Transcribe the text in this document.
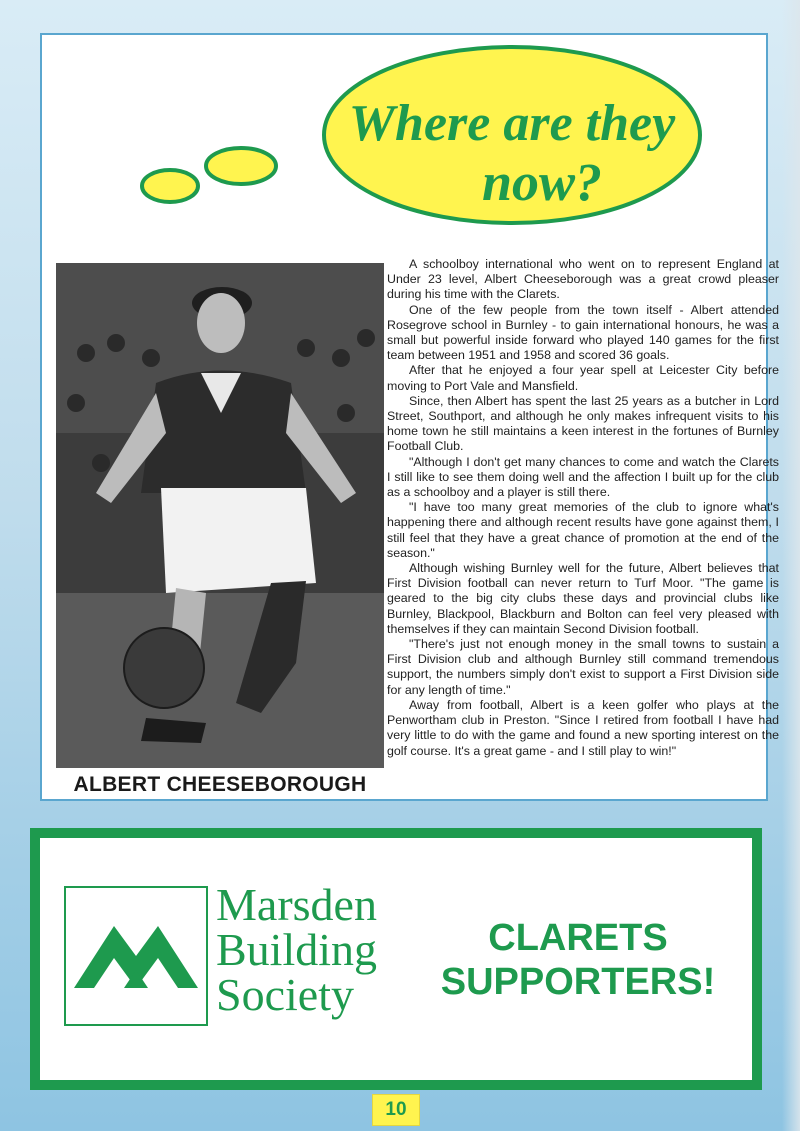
Where are they
now?
ALBERT CHEESEBOROUGH

A schoolboy international who went on to represent England at Under 23 level, Albert Cheeseborough was a great crowd pleaser during his time with the Clarets.

One of the few people from the town itself - Albert attended Rosegrove school in Burnley - to gain international honours, he was a small but powerful inside forward who played 140 games for the first team between 1951 and 1958 and scored 36 goals.

After that he enjoyed a four year spell at Leicester City before moving to Port Vale and Mansfield.

Since, then Albert has spent the last 25 years as a butcher in Lord Street, Southport, and although he only makes infrequent visits to his home town he still maintains a keen interest in the fortunes of Burnley Football Club.

"Although I don't get many chances to come and watch the Clarets I still like to see them doing well and the affection I built up for the club as a schoolboy and a player is still there.

"I have too many great memories of the club to ignore what's happening there and although recent results have gone against them, I still feel that they have a great chance of promotion at the end of the season."

Although wishing Burnley well for the future, Albert believes that First Division football can never return to Turf Moor. "The game is geared to the big city clubs these days and provincial clubs like Burnley, Blackpool, Blackburn and Bolton can feel very pleased with themselves if they can maintain Second Division football.

"There's just not enough money in the small towns to sustain a First Division club and although Burnley still command tremendous support, the numbers simply don't exist to support a First Division side for any length of time."

Away from football, Albert is a keen golfer who plays at the Penwortham club in Preston. "Since I retired from football I have had very little to do with the game and found a new sporting interest on the golf course. It's a great game - and I still play to win!"

Marsden
Building
Society
CLARETS
SUPPORTERS!
10
